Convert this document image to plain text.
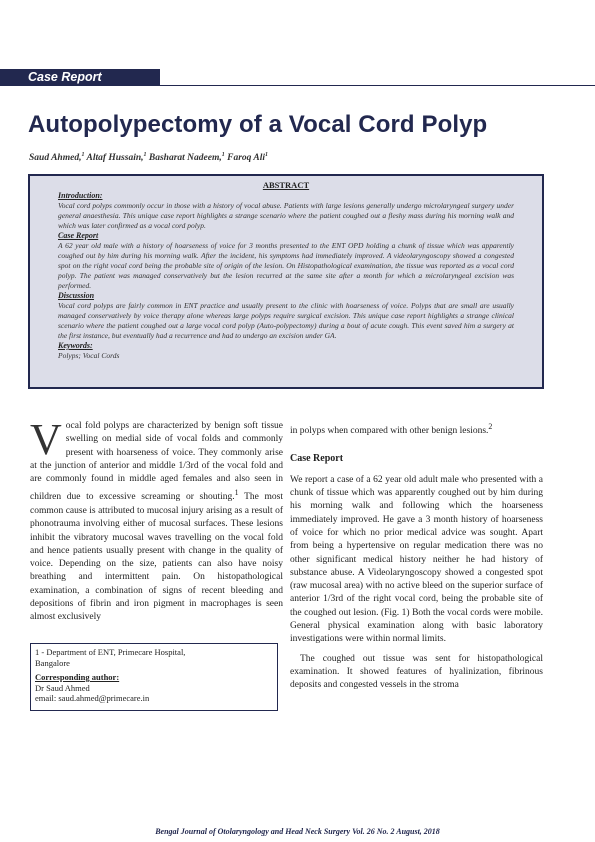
Case Report
Autopolypectomy of a Vocal Cord Polyp
Saud Ahmed,$^1$ Altaf Hussain,$^1$ Basharat Nadeem,$^1$ Faroq Ali$^1$
ABSTRACT
Introduction:
Vocal cord polyps commonly occur in those with a history of vocal abuse. Patients with large lesions generally undergo microlaryngeal surgery under general anaesthesia. This unique case report highlights a strange scenario where the patient coughed out a fleshy mass during his morning walk and which was later confirmed as a vocal cord polyp.
Case Report
A 62 year old male with a history of hoarseness of voice for 3 months presented to the ENT OPD holding a chunk of tissue which was apparently coughed out by him during his morning walk. After the incident, his symptoms had immediately improved. A videolaryngoscopy showed a congested spot on the right vocal cord being the probable site of origin of the lesion. On Histopathological examination, the tissue was reported as a vocal cord polyp. The patient was managed conservatively but the lesion recurred at the same site after a month for which a microlaryngeal excision was performed.
Discussion
Vocal cord polyps are fairly common in ENT practice and usually present to the clinic with hoarseness of voice. Polyps that are small are usually managed conservatively by voice therapy alone whereas large polyps require surgical excision. This unique case report highlights a strange clinical scenario where the patient coughed out a large vocal cord polyp (Auto-polypectomy) during a bout of acute cough. This event saved him a surgery at the first instance, but eventually had a recurrence and had to undergo an excision under GA.
Keywords:
Polyps; Vocal Cords

Vocal fold polyps are characterized by benign soft tissue swelling on medial side of vocal folds and commonly present with hoarseness of voice. They commonly arise at the junction of anterior and middle 1/3rd of the vocal fold and are commonly found in middle aged females and also seen in children due to excessive screaming or shouting.$^1$ The most common cause is attributed to mucosal injury arising as a result of phonotrauma involving either of mucosal surfaces. These lesions inhibit the vibratory mucosal waves travelling on the vocal fold and hence patients usually present with change in the quality of voice. Depending on the size, patients can also have noisy breathing and intermittent pain. On histopathological examination, a combination of signs of recent bleeding and depositions of fibrin and iron pigment in macrophages is seen almost exclusively

1 - Department of ENT, Primecare Hospital,
Bangalore
Corresponding author:
Dr Saud Ahmed
email: saud.ahmed@primecare.in

in polyps when compared with other benign lesions.$^2$

Case Report

We report a case of a 62 year old adult male who presented with a chunk of tissue which was apparently coughed out by him during his morning walk and following which the hoarseness immediately improved. He gave a 3 month history of hoarseness of voice for which no prior medical advice was sought. Apart from being a hypertensive on regular medication there was no other significant medical history neither he had history of substance abuse. A Videolaryngoscopy showed a congested spot (raw mucosal area) with no active bleed on the superior surface of anterior 1/3rd of the right vocal cord, being the probable site of the coughed out lesion. (Fig. 1) Both the vocal cords were mobile. General physical examination along with basic laboratory investigations were within normal limits.

The coughed out tissue was sent for histopathological examination. It showed features of hyalinization, fibrinous deposits and congested vessels in the stroma

Bengal Journal of Otolaryngology and Head Neck Surgery Vol. 26 No. 2 August, 2018
